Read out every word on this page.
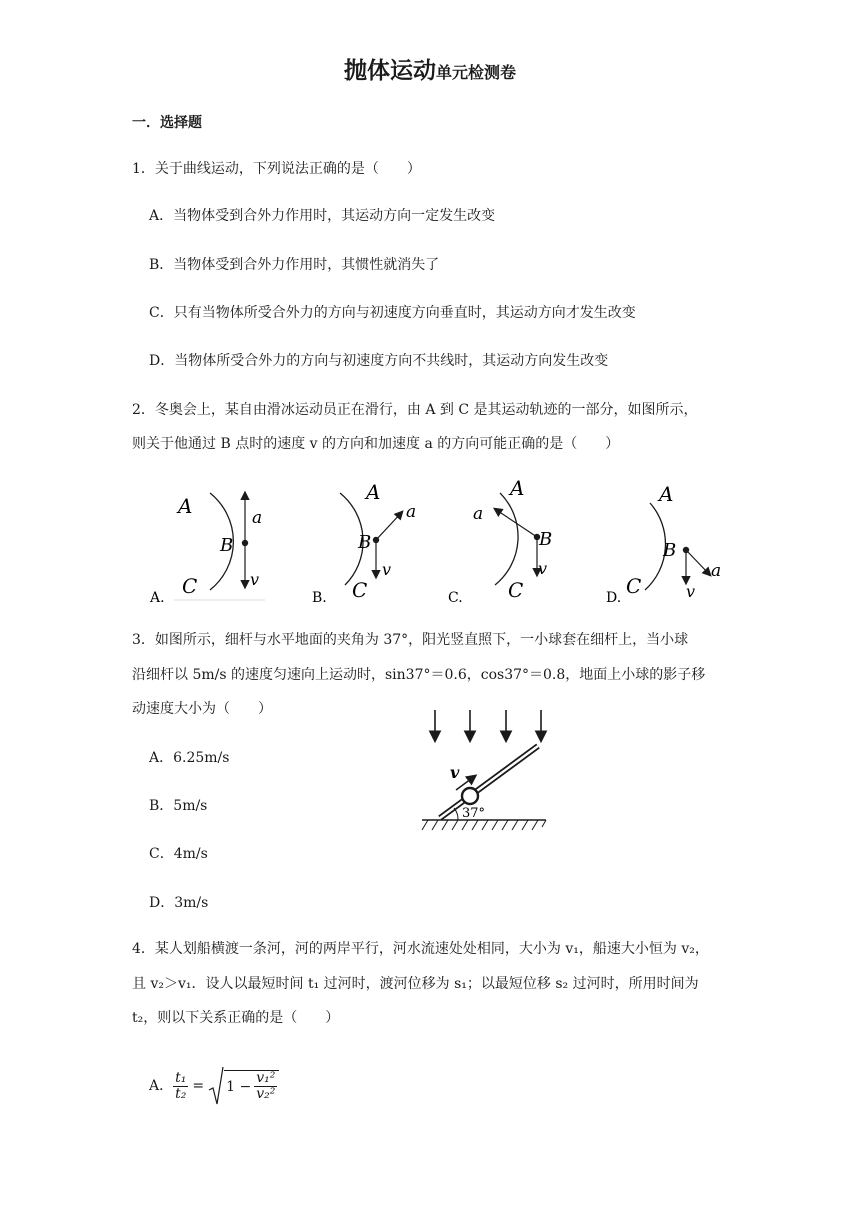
抛体运动单元检测卷
一．选择题
1．关于曲线运动，下列说法正确的是（　　）
A．当物体受到合外力作用时，其运动方向一定发生改变
B．当物体受到合外力作用时，其惯性就消失了
C．只有当物体所受合外力的方向与初速度方向垂直时，其运动方向才发生改变
D．当物体所受合外力的方向与初速度方向不共线时，其运动方向发生改变
2．冬奥会上，某自由滑冰运动员正在滑行，由 A 到 C 是其运动轨迹的一部分，如图所示，
则关于他通过 B 点时的速度 v 的方向和加速度 a 的方向可能正确的是（　　）
A
B
C
a
v
A.
A
B
C
a
v
B.
A
B
C
a
v
C.
A
B
C
a
v
D.
3．如图所示，细杆与水平地面的夹角为 37°，阳光竖直照下，一小球套在细杆上，当小球
沿细杆以 5m/s 的速度匀速向上运动时，sin37°＝0.6，cos37°＝0.8，地面上小球的影子移
动速度大小为（　　）
A．6.25m/s
B．5m/s
C．4m/s
D．3m/s
v
37°
4．某人划船横渡一条河，河的两岸平行，河水流速处处相同，大小为 v₁，船速大小恒为 v₂，
且 v₂＞v₁．设人以最短时间 t₁ 过河时，渡河位移为 s₁；以最短位移 s₂ 过河时，所用时间为
t₂，则以下关系正确的是（　　）
A． $\frac{\text{t₁}}{\text{t₂}} = 1 - \frac{\text{v₁²}}{\text{v₂²}}$
